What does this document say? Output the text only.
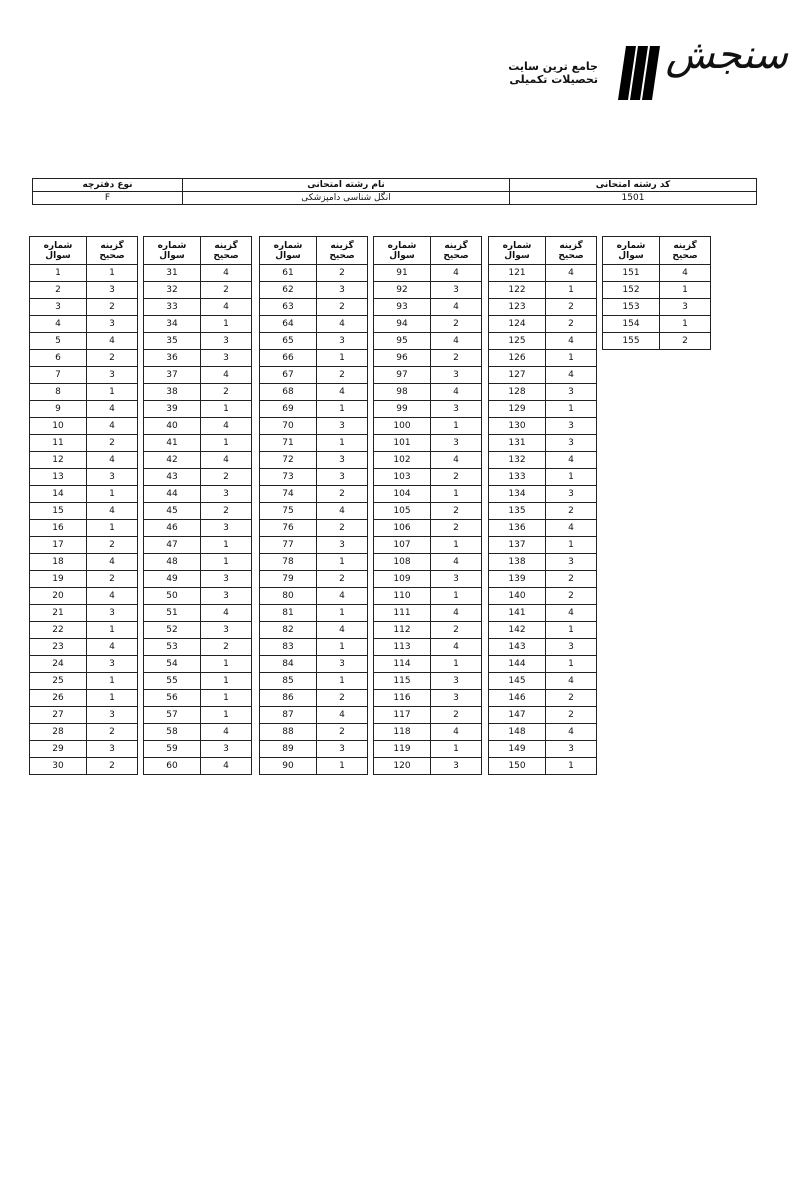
سنجش
جامع ترین سایت
تحصیلات تکمیلی
کد رشته امتحانی	نام رشته امتحانی	نوع دفترچه
1501	انگل شناسی دامپزشکی	F
شماره سوال	گزینه صحیح
1	1
2	3
3	2
4	3
5	4
6	2
7	3
8	1
9	4
10	4
11	2
12	4
13	3
14	1
15	4
16	1
17	2
18	4
19	2
20	4
21	3
22	1
23	4
24	3
25	1
26	1
27	3
28	2
29	3
30	2
شماره سوال	گزینه صحیح
31	4
32	2
33	4
34	1
35	3
36	3
37	4
38	2
39	1
40	4
41	1
42	4
43	2
44	3
45	2
46	3
47	1
48	1
49	3
50	3
51	4
52	3
53	2
54	1
55	1
56	1
57	1
58	4
59	3
60	4
شماره سوال	گزینه صحیح
61	2
62	3
63	2
64	4
65	3
66	1
67	2
68	4
69	1
70	3
71	1
72	3
73	3
74	2
75	4
76	2
77	3
78	1
79	2
80	4
81	1
82	4
83	1
84	3
85	1
86	2
87	4
88	2
89	3
90	1
شماره سوال	گزینه صحیح
91	4
92	3
93	4
94	2
95	4
96	2
97	3
98	4
99	3
100	1
101	3
102	4
103	2
104	1
105	2
106	2
107	1
108	4
109	3
110	1
111	4
112	2
113	4
114	1
115	3
116	3
117	2
118	4
119	1
120	3
شماره سوال	گزینه صحیح
121	4
122	1
123	2
124	2
125	4
126	1
127	4
128	3
129	1
130	3
131	3
132	4
133	1
134	3
135	2
136	4
137	1
138	3
139	2
140	2
141	4
142	1
143	3
144	1
145	4
146	2
147	2
148	4
149	3
150	1
شماره سوال	گزینه صحیح
151	4
152	1
153	3
154	1
155	2
